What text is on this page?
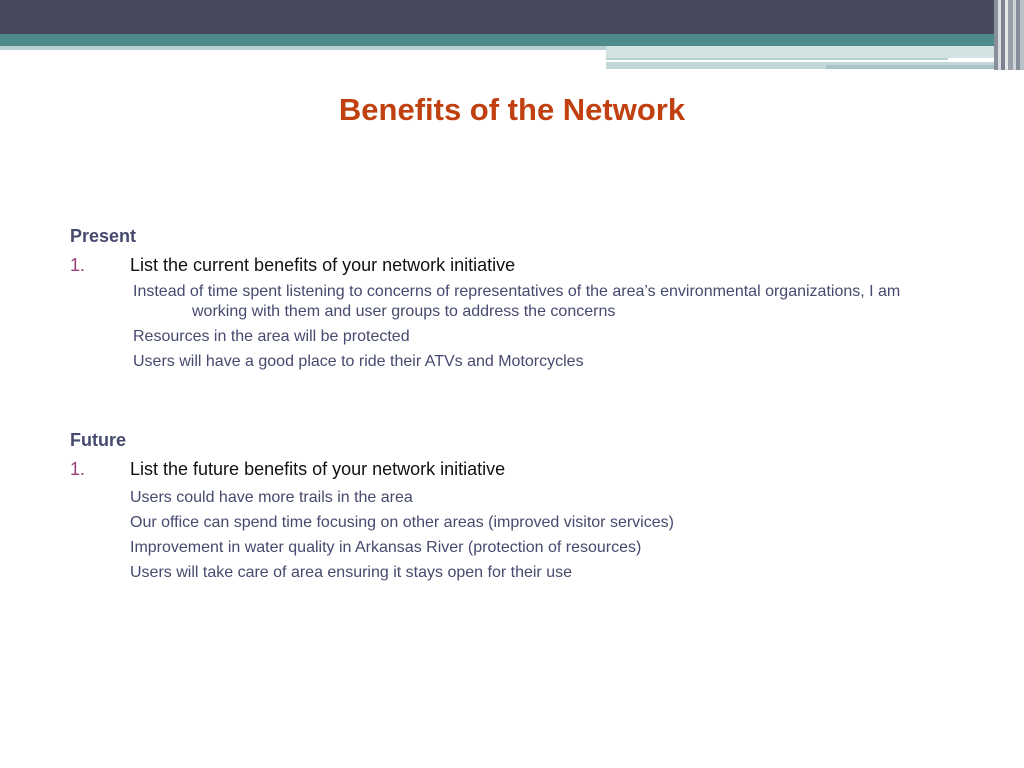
Benefits of the Network
Present
1. List the current benefits of your network initiative
Instead of time spent listening to concerns of representatives of the area’s environmental organizations, I am
working with them and user groups to address the concerns
Resources in the area will be protected
Users will have a good place to ride their ATVs and Motorcycles
Future
1. List the future benefits of your network initiative
Users could have more trails in the area
Our office can spend time focusing on other areas (improved visitor services)
Improvement in water quality in Arkansas River (protection of resources)
Users will take care of area ensuring it stays open for their use
